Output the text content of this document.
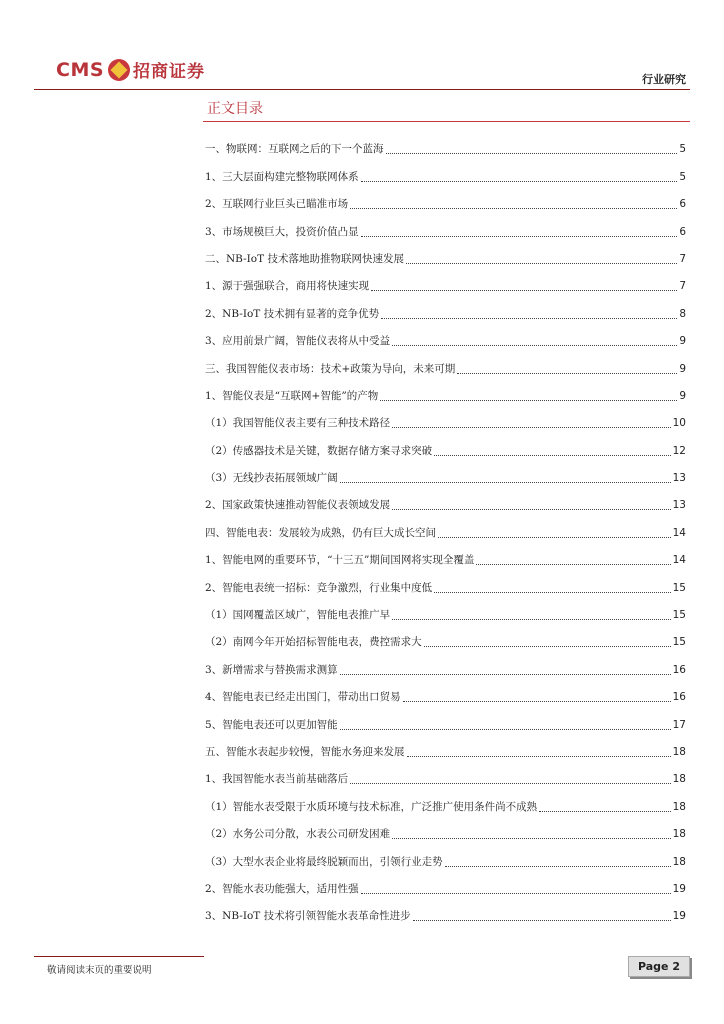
CMS 招商证券	行业研究
正文目录
一、物联网：互联网之后的下一个蓝海	5
1、三大层面构建完整物联网体系	5
2、互联网行业巨头已瞄准市场	6
3、市场规模巨大，投资价值凸显	6
二、NB-IoT 技术落地助推物联网快速发展	7
1、源于强强联合，商用将快速实现	7
2、NB-IoT 技术拥有显著的竞争优势	8
3、应用前景广阔，智能仪表将从中受益	9
三、我国智能仪表市场：技术+政策为导向，未来可期	9
1、智能仪表是“互联网+智能”的产物	9
（1）我国智能仪表主要有三种技术路径	10
（2）传感器技术是关键，数据存储方案寻求突破	12
（3）无线抄表拓展领域广阔	13
2、国家政策快速推动智能仪表领域发展	13
四、智能电表：发展较为成熟，仍有巨大成长空间	14
1、智能电网的重要环节，“十三五”期间国网将实现全覆盖	14
2、智能电表统一招标：竞争激烈，行业集中度低	15
（1）国网覆盖区域广，智能电表推广早	15
（2）南网今年开始招标智能电表，费控需求大	15
3、新增需求与替换需求测算	16
4、智能电表已经走出国门，带动出口贸易	16
5、智能电表还可以更加智能	17
五、智能水表起步较慢，智能水务迎来发展	18
1、我国智能水表当前基础落后	18
（1）智能水表受限于水质环境与技术标准，广泛推广使用条件尚不成熟	18
（2）水务公司分散，水表公司研发困难	18
（3）大型水表企业将最终脱颖而出，引领行业走势	18
2、智能水表功能强大，适用性强	19
3、NB-IoT 技术将引领智能水表革命性进步	19
敬请阅读末页的重要说明	Page 2
